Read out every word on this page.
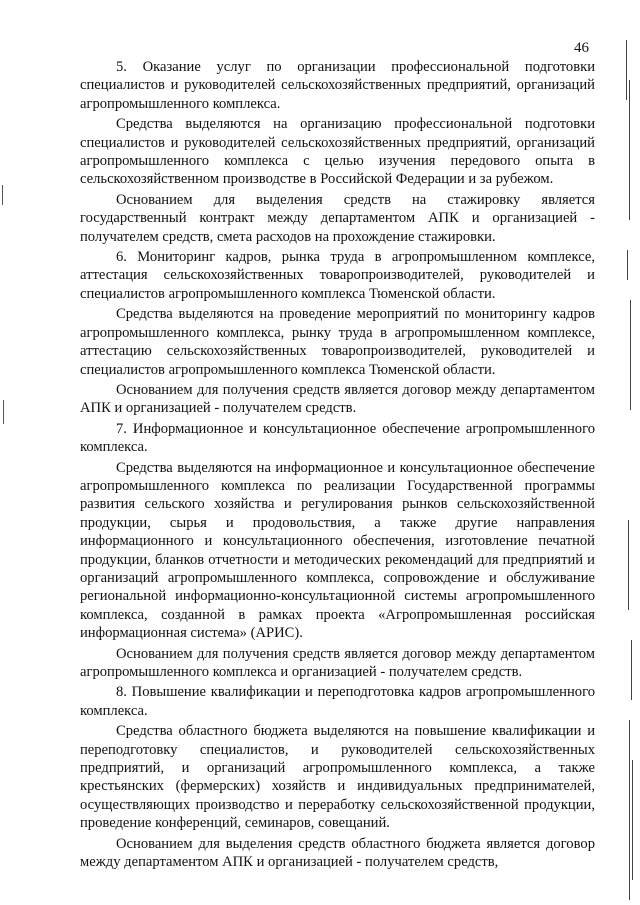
46

5. Оказание услуг по организации профессиональной подготовки специалистов и руководителей сельскохозяйственных предприятий, организаций агропромышленного комплекса.

Средства выделяются на организацию профессиональной подготовки специалистов и руководителей сельскохозяйственных предприятий, организаций агропромышленного комплекса с целью изучения передового опыта в сельскохозяйственном производстве в Российской Федерации и за рубежом.

Основанием для выделения средств на стажировку является государственный контракт между департаментом АПК и организацией - получателем средств, смета расходов на прохождение стажировки.

6. Мониторинг кадров, рынка труда в агропромышленном комплексе, аттестация сельскохозяйственных товаропроизводителей, руководителей и специалистов агропромышленного комплекса Тюменской области.

Средства выделяются на проведение мероприятий по мониторингу кадров агропромышленного комплекса, рынку труда в агропромышленном комплексе, аттестацию сельскохозяйственных товаропроизводителей, руководителей и специалистов агропромышленного комплекса Тюменской области.

Основанием для получения средств является договор между департаментом АПК и организацией - получателем средств.

7. Информационное и консультационное обеспечение агропромышленного комплекса.

Средства выделяются на информационное и консультационное обеспечение агропромышленного комплекса по реализации Государственной программы развития сельского хозяйства и регулирования рынков сельскохозяйственной продукции, сырья и продовольствия, а также другие направления информационного и консультационного обеспечения, изготовление печатной продукции, бланков отчетности и методических рекомендаций для предприятий и организаций агропромышленного комплекса, сопровождение и обслуживание региональной информационно-консультационной системы агропромышленного комплекса, созданной в рамках проекта «Агропромышленная российская информационная система» (АРИС).

Основанием для получения средств является договор между департаментом агропромышленного комплекса и организацией - получателем средств.

8. Повышение квалификации и переподготовка кадров агропромышленного комплекса.

Средства областного бюджета выделяются на повышение квалификации и переподготовку специалистов, и руководителей сельскохозяйственных предприятий, и организаций агропромышленного комплекса, а также крестьянских (фермерских) хозяйств и индивидуальных предпринимателей, осуществляющих производство и переработку сельскохозяйственной продукции, проведение конференций, семинаров, совещаний.

Основанием для выделения средств областного бюджета является договор между департаментом АПК и организацией - получателем средств,
